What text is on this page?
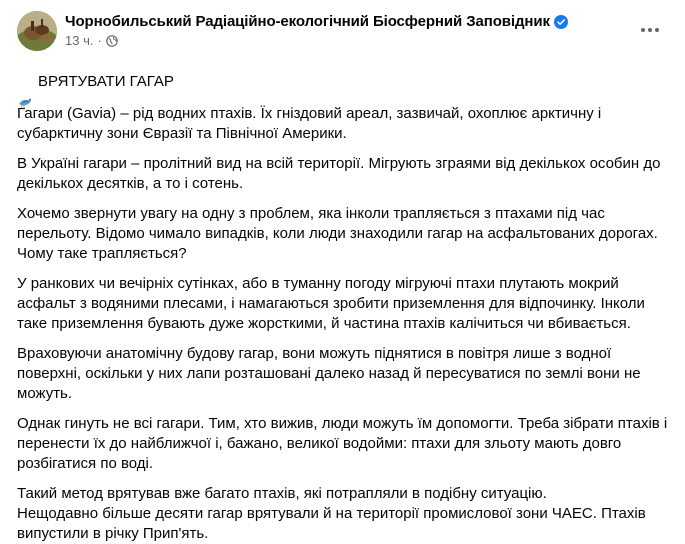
Чорнобильський Радіаційно-екологічний Біосферний Заповідник
13 ч. ·

ВРЯТУВАТИ ГАГАР

Гагари (Gavia) – рід водних птахів. Їх гніздовий ареал, зазвичай, охоплює арктичну і субарктичну зони Євразії та Північної Америки.

В Україні гагари – пролітний вид на всій території. Мігрують зграями від декількох особин до декількох десятків, а то і сотень.

Хочемо звернути увагу на одну з проблем, яка інколи трапляється з птахами під час перельоту. Відомо чимало випадків, коли люди знаходили гагар на асфальтованих дорогах. Чому таке трапляється?

У ранкових чи вечірніх сутінках, або в туманну погоду мігруючі птахи плутають мокрий асфальт з водяними плесами, і намагаються зробити приземлення для відпочинку. Інколи таке приземлення бувають дуже жорсткими, й частина птахів калічиться чи вбивається.

Враховуючи анатомічну будову гагар, вони можуть піднятися в повітря лише з водної поверхні, оскільки у них лапи розташовані далеко назад й пересуватися по землі вони не можуть.

Однак гинуть не всі гагари. Тим, хто вижив, люди можуть їм допомогти. Треба зібрати птахів і перенести їх до найближчої і, бажано, великої водойми: птахи для зльоту мають довго розбігатися по воді.

Такий метод врятував вже багато птахів, які потрапляли в подібну ситуацію.
Нещодавно більше десяти гагар врятували й на території промислової зони ЧАЕС. Птахів випустили в річку Прип'ять.
